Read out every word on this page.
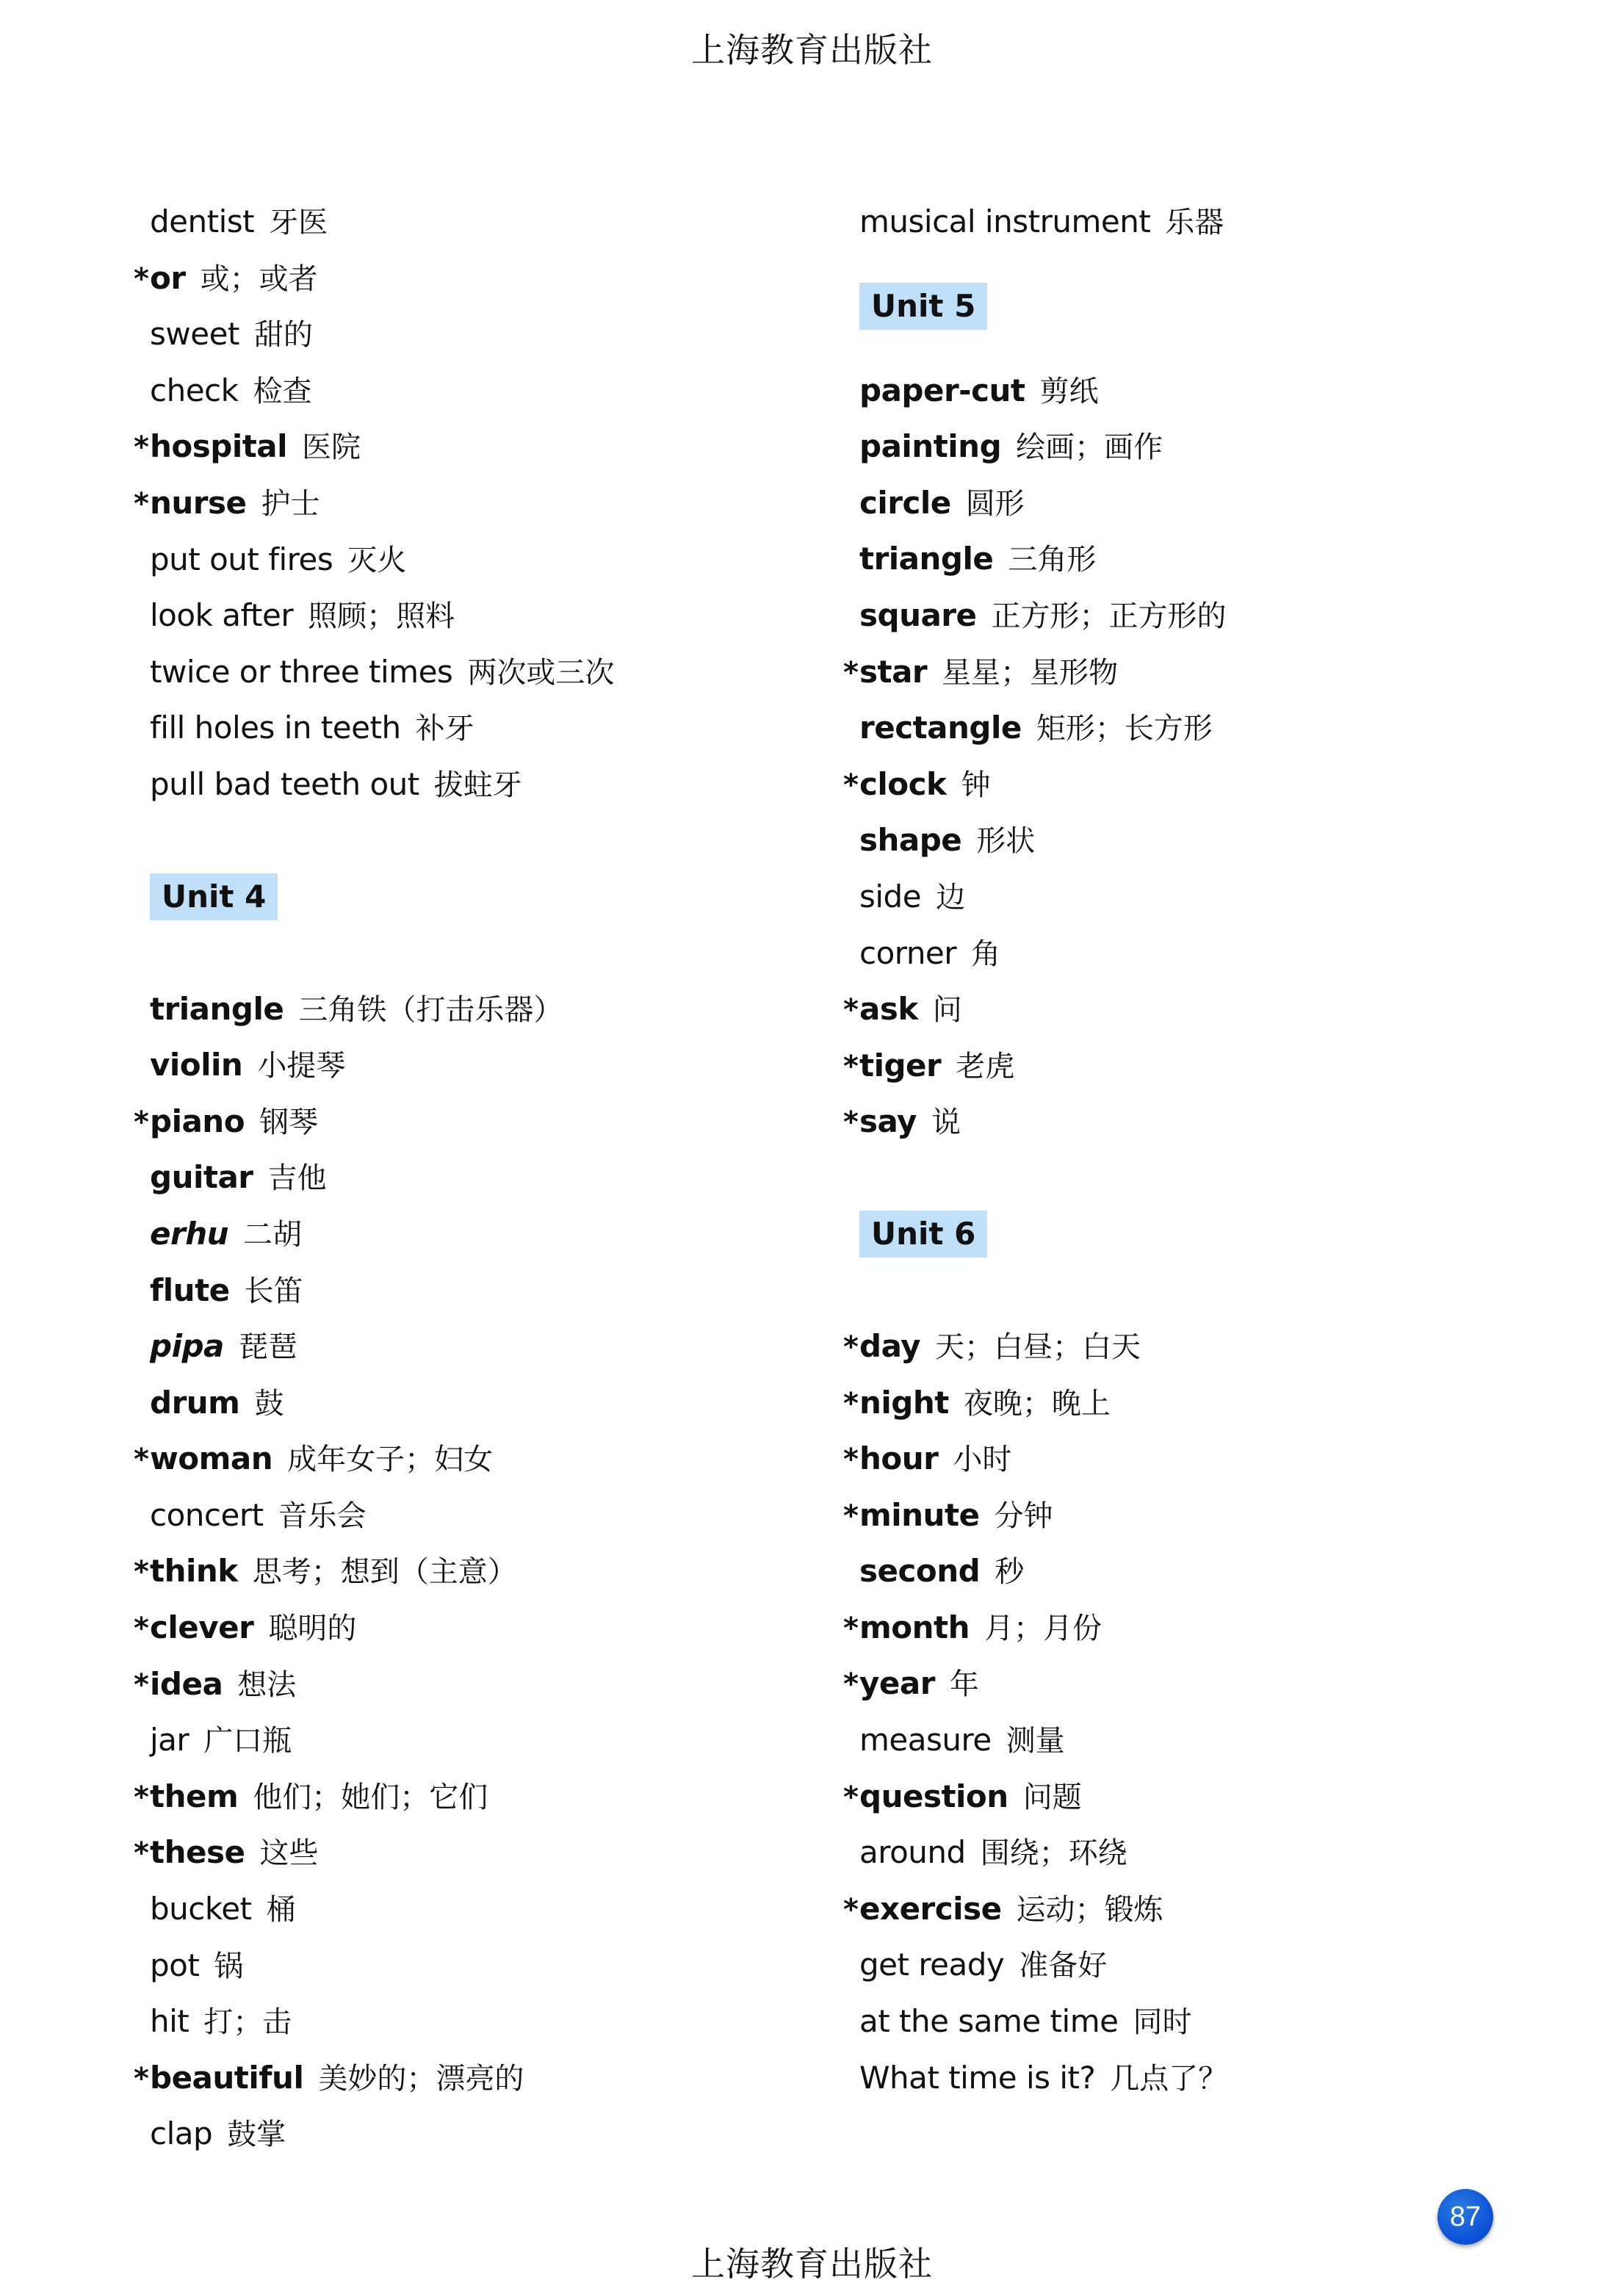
上海教育出版社
dentist 牙医
*or 或；或者
sweet 甜的
check 检查
*hospital 医院
*nurse 护士
put out fires 灭火
look after 照顾；照料
twice or three times 两次或三次
fill holes in teeth 补牙
pull bad teeth out 拔蛀牙
Unit 4
triangle 三角铁（打击乐器）
violin 小提琴
*piano 钢琴
guitar 吉他
erhu 二胡
flute 长笛
pipa 琵琶
drum 鼓
*woman 成年女子；妇女
concert 音乐会
*think 思考；想到（主意）
*clever 聪明的
*idea 想法
jar 广口瓶
*them 他们；她们；它们
*these 这些
bucket 桶
pot 锅
hit 打；击
*beautiful 美妙的；漂亮的
clap 鼓掌
musical instrument 乐器
Unit 5
paper-cut 剪纸
painting 绘画；画作
circle 圆形
triangle 三角形
square 正方形；正方形的
*star 星星；星形物
rectangle 矩形；长方形
*clock 钟
shape 形状
side 边
corner 角
*ask 问
*tiger 老虎
*say 说
Unit 6
*day 天；白昼；白天
*night 夜晚；晚上
*hour 小时
*minute 分钟
second 秒
*month 月；月份
*year 年
measure 测量
*question 问题
around 围绕；环绕
*exercise 运动；锻炼
get ready 准备好
at the same time 同时
What time is it? 几点了？
87
上海教育出版社
